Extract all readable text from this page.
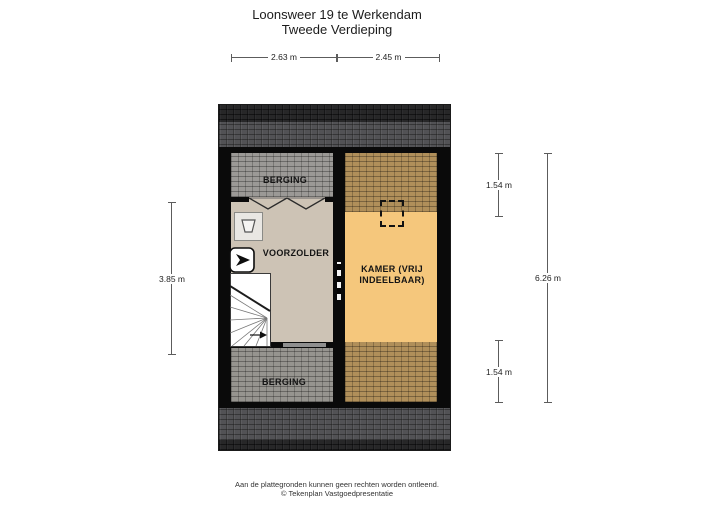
Loonsweer 19 te Werkendam
Tweede Verdieping
2.63 m	2.45 m
3.85 m
1.54 m
6.26 m
1.54 m
BERGING
VOORZOLDER
KAMER (VRIJ
INDEELBAAR)
BERGING
Aan de plattegronden kunnen geen rechten worden ontleend.
© Tekenplan Vastgoedpresentatie
